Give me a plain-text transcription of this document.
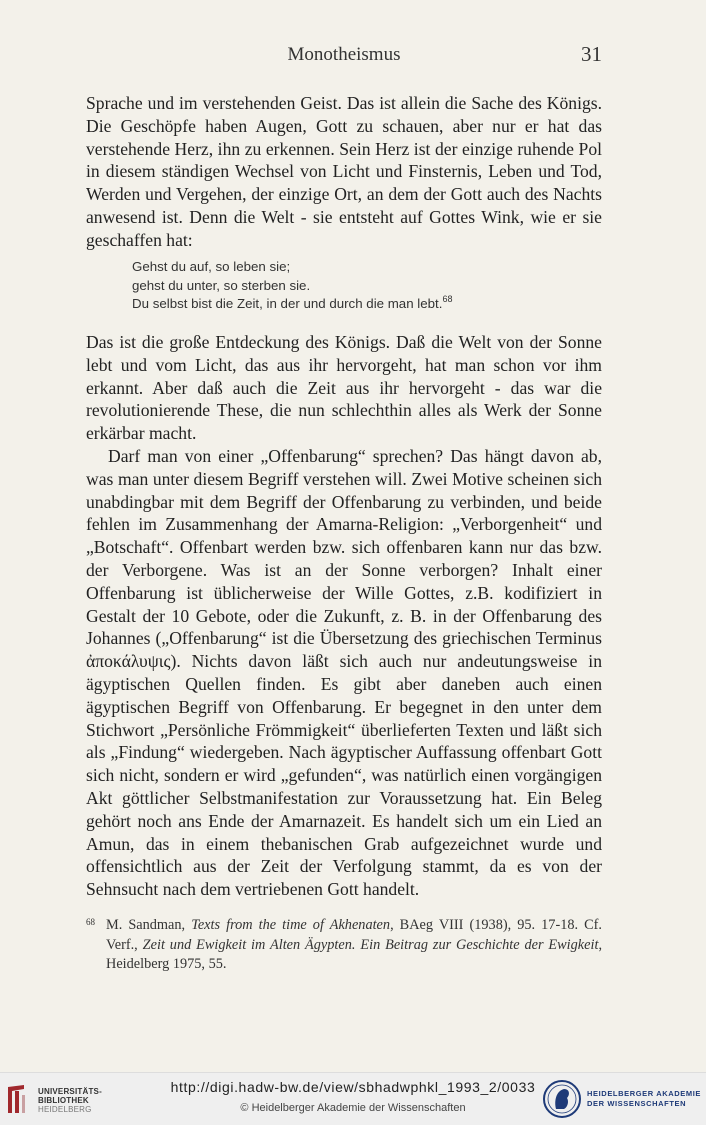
Monotheismus	31

Sprache und im verstehenden Geist. Das ist allein die Sache des Königs. Die Geschöpfe haben Augen, Gott zu schauen, aber nur er hat das verstehende Herz, ihn zu erkennen. Sein Herz ist der einzige ruhende Pol in diesem ständigen Wechsel von Licht und Finsternis, Leben und Tod, Werden und Vergehen, der einzige Ort, an dem der Gott auch des Nachts anwesend ist. Denn die Welt - sie entsteht auf Gottes Wink, wie er sie geschaffen hat:

Gehst du auf, so leben sie;
gehst du unter, so sterben sie.
Du selbst bist die Zeit, in der und durch die man lebt.$^{68}$

Das ist die große Entdeckung des Königs. Daß die Welt von der Sonne lebt und vom Licht, das aus ihr hervorgeht, hat man schon vor ihm erkannt. Aber daß auch die Zeit aus ihr hervorgeht - das war die revolutionierende These, die nun schlechthin alles als Werk der Sonne erkärbar macht.

Darf man von einer „Offenbarung“ sprechen? Das hängt davon ab, was man unter diesem Begriff verstehen will. Zwei Motive scheinen sich unabdingbar mit dem Begriff der Offenbarung zu verbinden, und beide fehlen im Zusammenhang der Amarna-Religion: „Verborgenheit“ und „Botschaft“. Offenbart werden bzw. sich offenbaren kann nur das bzw. der Verborgene. Was ist an der Sonne verborgen? Inhalt einer Offenbarung ist üblicherweise der Wille Gottes, z.B. kodifiziert in Gestalt der 10 Gebote, oder die Zukunft, z. B. in der Offenbarung des Johannes („Offenbarung“ ist die Übersetzung des griechischen Terminus ἀποκάλυψις). Nichts davon läßt sich auch nur andeutungsweise in ägyptischen Quellen finden. Es gibt aber daneben auch einen ägyptischen Begriff von Offenbarung. Er begegnet in den unter dem Stichwort „Persönliche Frömmigkeit“ überlieferten Texten und läßt sich als „Findung“ wiedergeben. Nach ägyptischer Auffassung offenbart Gott sich nicht, sondern er wird „gefunden“, was natürlich einen vorgängigen Akt göttlicher Selbstmanifestation zur Voraussetzung hat. Ein Beleg gehört noch ans Ende der Amarnazeit. Es handelt sich um ein Lied an Amun, das in einem thebanischen Grab aufgezeichnet wurde und offensichtlich aus der Zeit der Verfolgung stammt, da es von der Sehnsucht nach dem vertriebenen Gott handelt.

68 M. Sandman, Texts from the time of Akhenaten, BAeg VIII (1938), 95. 17-18. Cf. Verf., Zeit und Ewigkeit im Alten Ägypten. Ein Beitrag zur Geschichte der Ewigkeit, Heidelberg 1975, 55.
UNIVERSITÄTS-
BIBLIOTHEK
HEIDELBERG
http://digi.hadw-bw.de/view/sbhadwphkl_1993_2/0033
© Heidelberger Akademie der Wissenschaften
HEIDELBERGER AKADEMIE
DER WISSENSCHAFTEN
